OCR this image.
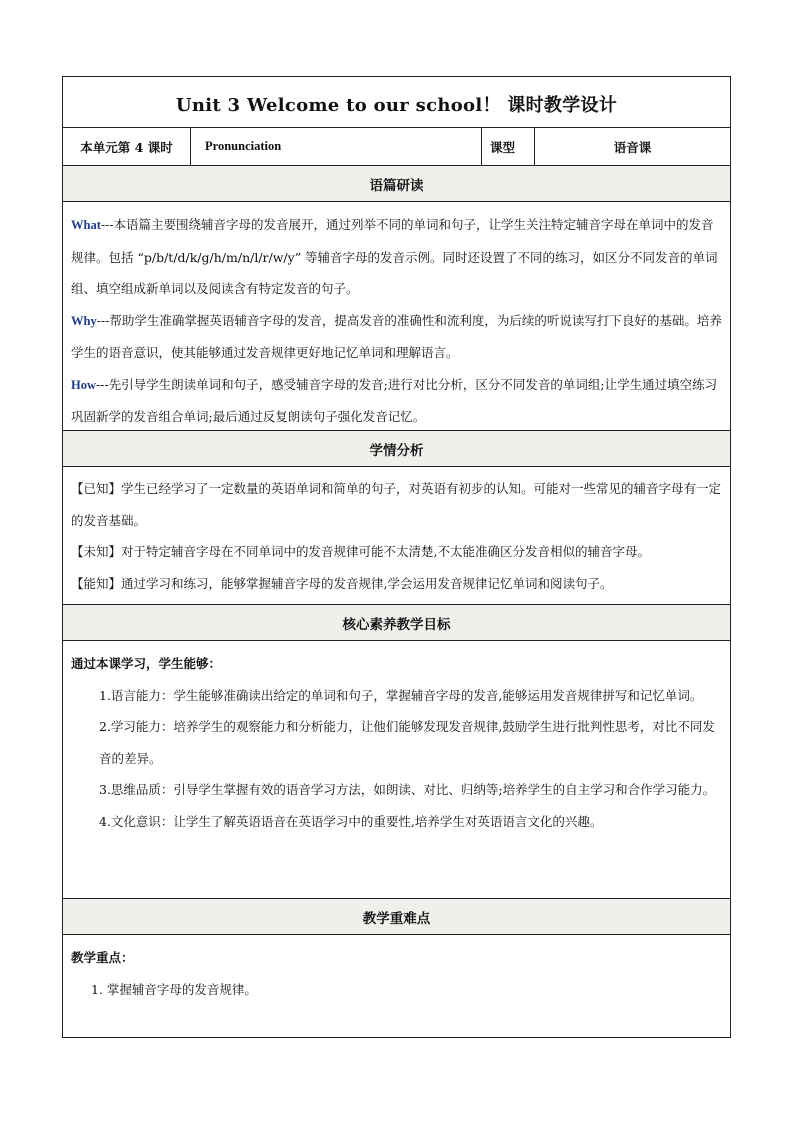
Unit 3 Welcome to our school！ 课时教学设计
本单元第 4 课时	Pronunciation	课型	语音课
语篇研读
What---本语篇主要围绕辅音字母的发音展开，通过列举不同的单词和句子，让学生关注特定辅音字母在单词中的发音规律。包括 “p/b/t/d/k/g/h/m/n/l/r/w/y” 等辅音字母的发音示例。同时还设置了不同的练习，如区分不同发音的单词组、填空组成新单词以及阅读含有特定发音的句子。
Why---帮助学生准确掌握英语辅音字母的发音，提高发音的准确性和流利度，为后续的听说读写打下良好的基础。培养学生的语音意识，使其能够通过发音规律更好地记忆单词和理解语言。
How---先引导学生朗读单词和句子，感受辅音字母的发音;进行对比分析，区分不同发音的单词组;让学生通过填空练习巩固新学的发音组合单词;最后通过反复朗读句子强化发音记忆。
学情分析
【已知】学生已经学习了一定数量的英语单词和简单的句子，对英语有初步的认知。可能对一些常见的辅音字母有一定的发音基础。
【未知】对于特定辅音字母在不同单词中的发音规律可能不太清楚,不太能准确区分发音相似的辅音字母。
【能知】通过学习和练习，能够掌握辅音字母的发音规律,学会运用发音规律记忆单词和阅读句子。
核心素养教学目标
通过本课学习，学生能够：
1.语言能力：学生能够准确读出给定的单词和句子，掌握辅音字母的发音,能够运用发音规律拼写和记忆单词。
2.学习能力：培养学生的观察能力和分析能力，让他们能够发现发音规律,鼓励学生进行批判性思考，对比不同发音的差异。
3.思维品质：引导学生掌握有效的语音学习方法，如朗读、对比、归纳等;培养学生的自主学习和合作学习能力。
4.文化意识：让学生了解英语语音在英语学习中的重要性,培养学生对英语语言文化的兴趣。
教学重难点
教学重点：
1. 掌握辅音字母的发音规律。
